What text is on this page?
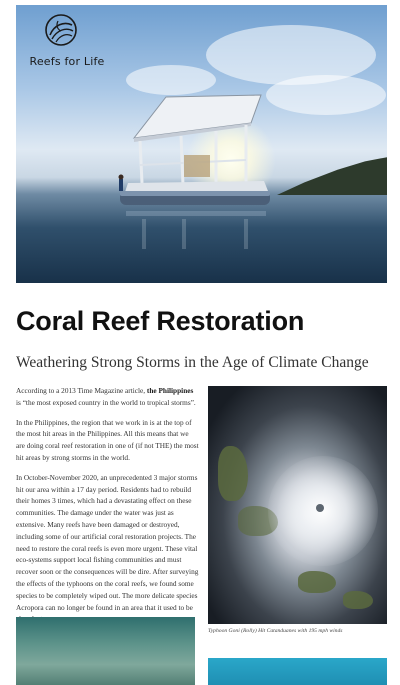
Reefs for Life
Coral Reef Restoration
Weathering Strong Storms in the Age of Climate Change

According to a 2013 Time Magazine article, the Philippines is “the most exposed country in the world to tropical storms”.

In the Philippines, the region that we work in is at the top of the most hit areas in the Philippines. All this means that we are doing coral reef restoration in one of (if not THE) the most hit areas by strong storms in the world.

In October-November 2020, an unprecedented 3 major storms hit our area within a 17 day period. Residents had to rebuild their homes 3 times, which had a devastating effect on these communities. The damage under the water was just as extensive. Many reefs have been damaged or destroyed, including some of our artificial coral restoration projects. The need to restore the coral reefs is even more urgent. These vital eco-systems support local fishing communities and must recover soon or the consequences will be dire. After surveying the effects of the typhoons on the coral reefs, we found some species to be completely wiped out. The more delicate species Acropora can no longer be found in an area that it used to be

Typhoon Goni (Rolly) Hit Catanduanes with 195 mph winds
